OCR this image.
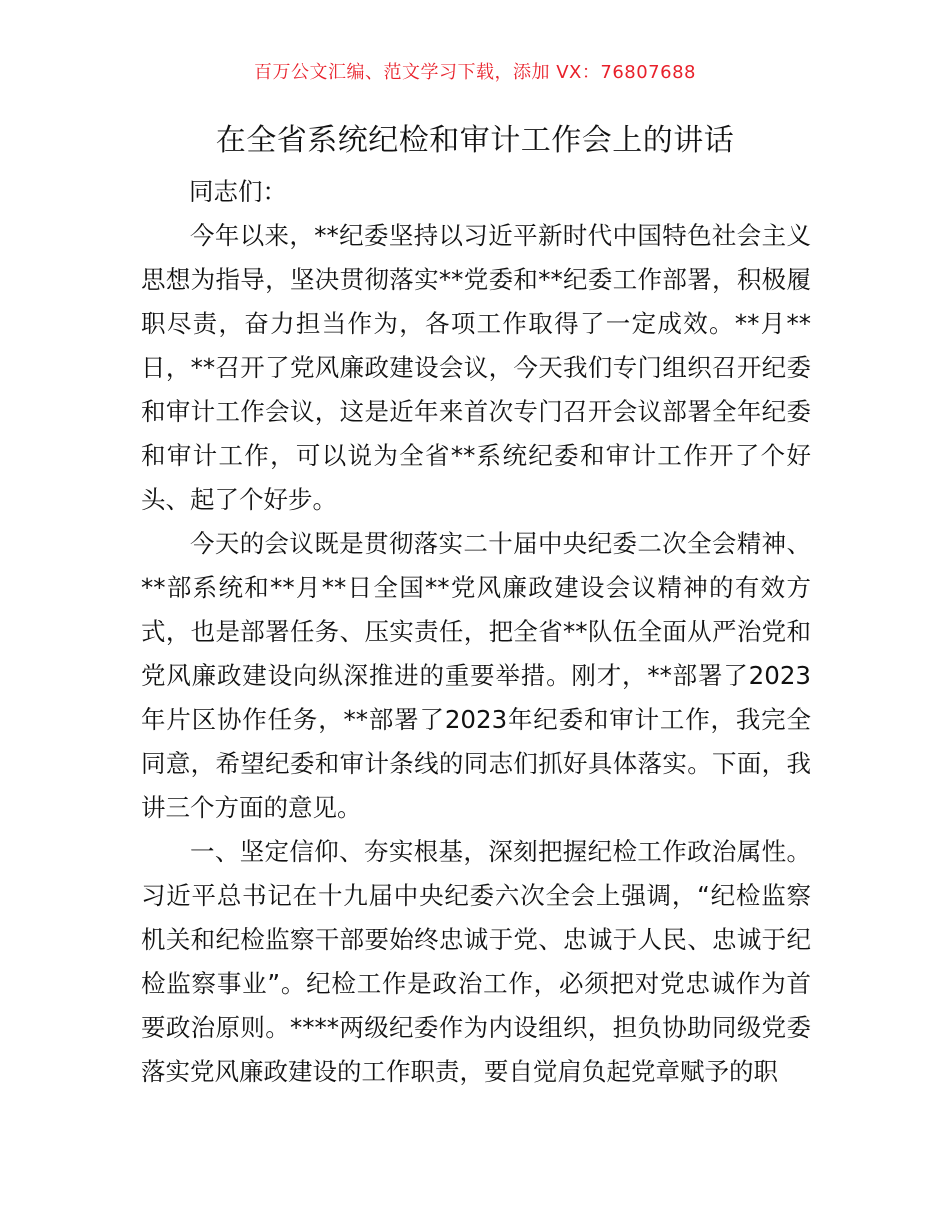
百万公文汇编、范文学习下载，添加 VX：76807688
在全省系统纪检和审计工作会上的讲话

同志们：

今年以来，**纪委坚持以习近平新时代中国特色社会主义思想为指导，坚决贯彻落实**党委和**纪委工作部署，积极履职尽责，奋力担当作为，各项工作取得了一定成效。**月**日，**召开了党风廉政建设会议，今天我们专门组织召开纪委和审计工作会议，这是近年来首次专门召开会议部署全年纪委和审计工作，可以说为全省**系统纪委和审计工作开了个好头、起了个好步。

今天的会议既是贯彻落实二十届中央纪委二次全会精神、**部系统和**月**日全国**党风廉政建设会议精神的有效方式，也是部署任务、压实责任，把全省**队伍全面从严治党和党风廉政建设向纵深推进的重要举措。刚才，**部署了2023年片区协作任务，**部署了2023年纪委和审计工作，我完全同意，希望纪委和审计条线的同志们抓好具体落实。下面，我讲三个方面的意见。

一、坚定信仰、夯实根基，深刻把握纪检工作政治属性。习近平总书记在十九届中央纪委六次全会上强调，“纪检监察机关和纪检监察干部要始终忠诚于党、忠诚于人民、忠诚于纪检监察事业”。纪检工作是政治工作，必须把对党忠诚作为首要政治原则。****两级纪委作为内设组织，担负协助同级党委落实党风廉政建设的工作职责，要自觉肩负起党章赋予的职
